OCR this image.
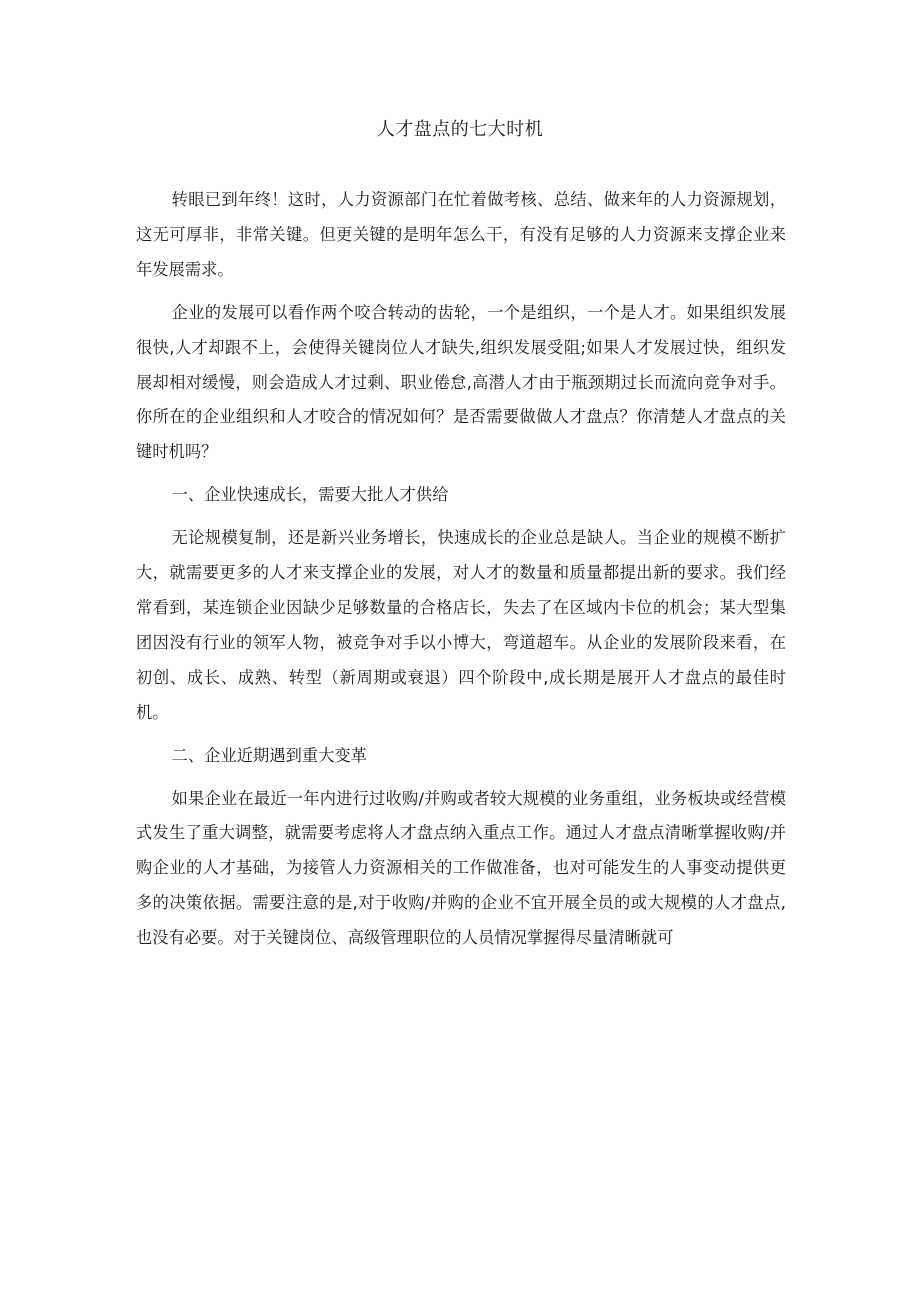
人才盘点的七大时机

转眼已到年终！这时，人力资源部门在忙着做考核、总结、做来年的人力资源规划，这无可厚非，非常关键。但更关键的是明年怎么干，有没有足够的人力资源来支撑企业来年发展需求。

企业的发展可以看作两个咬合转动的齿轮，一个是组织，一个是人才。如果组织发展很快,人才却跟不上，会使得关键岗位人才缺失,组织发展受阻;如果人才发展过快，组织发展却相对缓慢，则会造成人才过剩、职业倦怠,高潜人才由于瓶颈期过长而流向竞争对手。你所在的企业组织和人才咬合的情况如何？是否需要做做人才盘点？你清楚人才盘点的关键时机吗？

一、企业快速成长，需要大批人才供给

无论规模复制，还是新兴业务增长，快速成长的企业总是缺人。当企业的规模不断扩大，就需要更多的人才来支撑企业的发展，对人才的数量和质量都提出新的要求。我们经常看到，某连锁企业因缺少足够数量的合格店长，失去了在区域内卡位的机会；某大型集团因没有行业的领军人物，被竞争对手以小博大，弯道超车。从企业的发展阶段来看，在初创、成长、成熟、转型（新周期或衰退）四个阶段中,成长期是展开人才盘点的最佳时机。

二、企业近期遇到重大变革

如果企业在最近一年内进行过收购/并购或者较大规模的业务重组，业务板块或经营模式发生了重大调整，就需要考虑将人才盘点纳入重点工作。通过人才盘点清晰掌握收购/并购企业的人才基础，为接管人力资源相关的工作做准备，也对可能发生的人事变动提供更多的决策依据。需要注意的是,对于收购/并购的企业不宜开展全员的或大规模的人才盘点,也没有必要。对于关键岗位、高级管理职位的人员情况掌握得尽量清晰就可
